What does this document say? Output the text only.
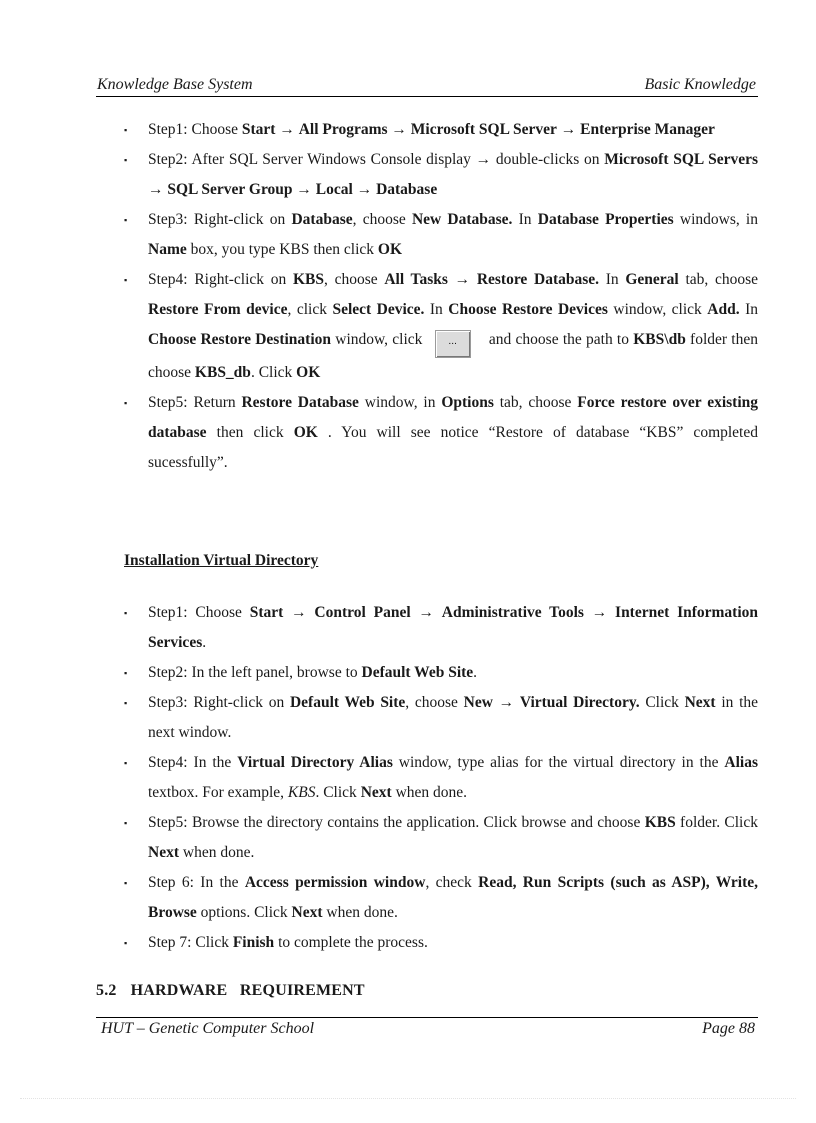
Knowledge Base System	Basic Knowledge
▪ Step1: Choose Start → All Programs → Microsoft SQL Server → Enterprise Manager
▪ Step2: After SQL Server Windows Console display → double-clicks on Microsoft SQL Servers → SQL Server Group → Local → Database
▪ Step3: Right-click on Database, choose New Database. In Database Properties windows, in Name box, you type KBS then click OK
▪ Step4: Right-click on KBS, choose All Tasks → Restore Database. In General tab, choose Restore From device, click Select Device. In Choose Restore Devices window, click Add. In Choose Restore Destination window, click ... and choose the path to KBS\db folder then choose KBS_db. Click OK
▪ Step5: Return Restore Database window, in Options tab, choose Force restore over existing database then click OK . You will see notice “Restore of database “KBS” completed sucessfully”.
Installation Virtual Directory
▪ Step1: Choose Start → Control Panel → Administrative Tools → Internet Information Services.
▪ Step2: In the left panel, browse to Default Web Site.
▪ Step3: Right-click on Default Web Site, choose New → Virtual Directory. Click Next in the next window.
▪ Step4: In the Virtual Directory Alias window, type alias for the virtual directory in the Alias textbox. For example, KBS. Click Next when done.
▪ Step5: Browse the directory contains the application. Click browse and choose KBS folder. Click Next when done.
▪ Step 6: In the Access permission window, check Read, Run Scripts (such as ASP), Write, Browse options. Click Next when done.
▪ Step 7: Click Finish to complete the process.
5.2 HARDWARE   REQUIREMENT
HUT – Genetic Computer School	Page 88
